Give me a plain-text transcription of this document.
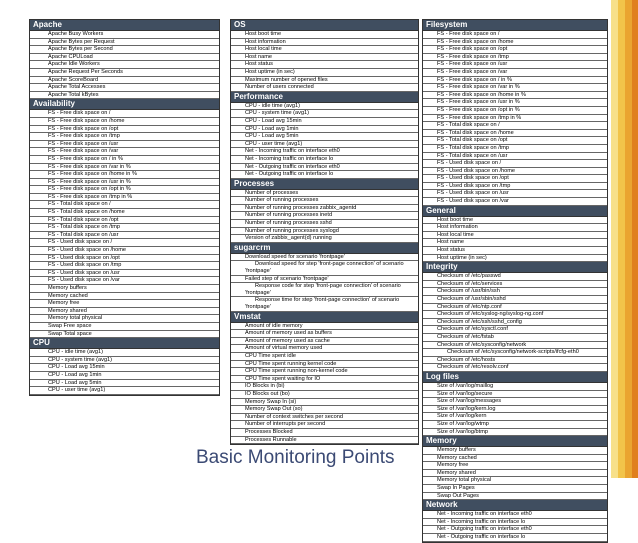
Apache
Apache Busy Workers
Apache Bytes per Request
Apache Bytes per Second
Apache CPULoad
Apache Idle Workers
Apache Request Per Seconds
Apache ScoreBoard
Apache Total Accesses
Apache Total kBytes
Availability
FS - Free disk space on /
FS - Free disk space on /home
FS - Free disk space on /opt
FS - Free disk space on /tmp
FS - Free disk space on /usr
FS - Free disk space on /var
FS - Free disk space on / in %
FS - Free disk space on /var in %
FS - Free disk space on /home in %
FS - Free disk space on /usr in %
FS - Free disk space on /opt in %
FS - Free disk space on /tmp in %
FS - Total disk space on /
FS - Total disk space on /home
FS - Total disk space on /opt
FS - Total disk space on /tmp
FS - Total disk space on /usr
FS - Used disk space on /
FS - Used disk space on /home
FS - Used disk space on /opt
FS - Used disk space on /tmp
FS - Used disk space on /usr
FS - Used disk space on /var
Memory buffers
Memory cached
Memory free
Memory shared
Memory total physical
Swap Free space
Swap Total space
CPU
CPU - idle time (avg1)
CPU - system time (avg1)
CPU - Load avg 15min
CPU - Load avg 1min
CPU - Load avg 5min
CPU - user time (avg1)
OS
Host boot time
Host information
Host local time
Host name
Host status
Host uptime (in sec)
Maximum number of opened files
Number of users connected
Performance
CPU - idle time (avg1)
CPU - system time (avg1)
CPU - Load avg 15min
CPU - Load avg 1min
CPU - Load avg 5min
CPU - user time (avg1)
Net - Incoming traffic on interface eth0
Net - Incoming traffic on interface lo
Net - Outgoing traffic on interface eth0
Net - Outgoing traffic on interface lo
Processes
Number of processes
Number of running processes
Number of running processes zabbix_agentd
Number of running processes inetd
Number of running processes sshd
Number of running processes syslogd
Version of zabbix_agent(d) running
sugarcrm
Download speed for scenario 'frontpage'
Download speed for step 'front-page connection' of scenario 'frontpage'
Failed step of scenario 'frontpage'
Response code for step 'front-page connection' of scenario 'frontpage'
Response time for step 'front-page connection' of scenario 'frontpage'
Vmstat
Amount of idle memory
Amount of memory used as buffers
Amount of memory used as cache
Amount of virtual memory used
CPU Time spent idle
CPU Time spent running kernel code
CPU Time spent running non-kernel code
CPU Time spent waiting for IO
IO Blocks in (bi)
IO Blocks out (bo)
Memory Swap In (si)
Memory Swap Out (so)
Number of context switches per second
Number of interrupts per second
Processes Blocked
Processes Runnable
Filesystem
FS - Free disk space on /
FS - Free disk space on /home
FS - Free disk space on /opt
FS - Free disk space on /tmp
FS - Free disk space on /usr
FS - Free disk space on /var
FS - Free disk space on / in %
FS - Free disk space on /var in %
FS - Free disk space on /home in %
FS - Free disk space on /usr in %
FS - Free disk space on /opt in %
FS - Free disk space on /tmp in %
FS - Total disk space on /
FS - Total disk space on /home
FS - Total disk space on /opt
FS - Total disk space on /tmp
FS - Total disk space on /usr
FS - Used disk space on /
FS - Used disk space on /home
FS - Used disk space on /opt
FS - Used disk space on /tmp
FS - Used disk space on /usr
FS - Used disk space on /var
General
Host boot time
Host information
Host local time
Host name
Host status
Host uptime (in sec)
Integrity
Checksum of /etc/passwd
Checksum of /etc/services
Checksum of /usr/bin/ssh
Checksum of /usr/sbin/sshd
Checksum of /etc/ntp.conf
Checksum of /etc/syslog-ng/syslog-ng.conf
Checksum of /etc/ssh/sshd_config
Checksum of /etc/sysctl.conf
Checksum of /etc/fstab
Checksum of /etc/sysconfig/network
Checksum of /etc/sysconfig/network-scripts/ifcfg-eth0
Checksum of /etc/hosts
Checksum of /etc/resolv.conf
Log files
Size of /var/log/maillog
Size of /var/log/secure
Size of /var/log/messages
Size of /var/log/kern.log
Size of /var/log/kern
Size of /var/log/wtmp
Size of /var/log/btmp
Memory
Memory buffers
Memory cached
Memory free
Memory shared
Memory total physical
Swap In Pages
Swap Out Pages
Network
Net - Incoming traffic on interface eth0
Net - Incoming traffic on interface lo
Net - Outgoing traffic on interface eth0
Net - Outgoing traffic on interface lo
Basic Monitoring Points
